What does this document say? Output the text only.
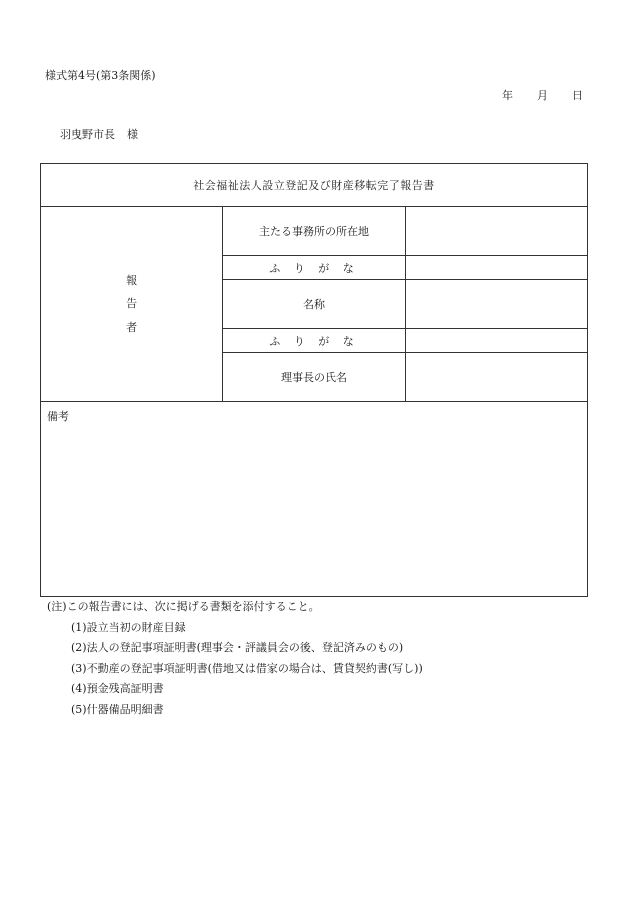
様式第4号(第3条関係)
年 月 日
羽曳野市長 様
社会福祉法人設立登記及び財産移転完了報告書		

報
告
者	主たる事務所の所在地	
	ふ り が な	
	名称	
	ふ り が な	
	理事長の氏名	
備考		
(注)この報告書には、次に掲げる書類を添付すること。
(1)設立当初の財産目録
(2)法人の登記事項証明書(理事会・評議員会の後、登記済みのもの)
(3)不動産の登記事項証明書(借地又は借家の場合は、賃貸契約書(写し))
(4)預金残高証明書
(5)什器備品明細書
